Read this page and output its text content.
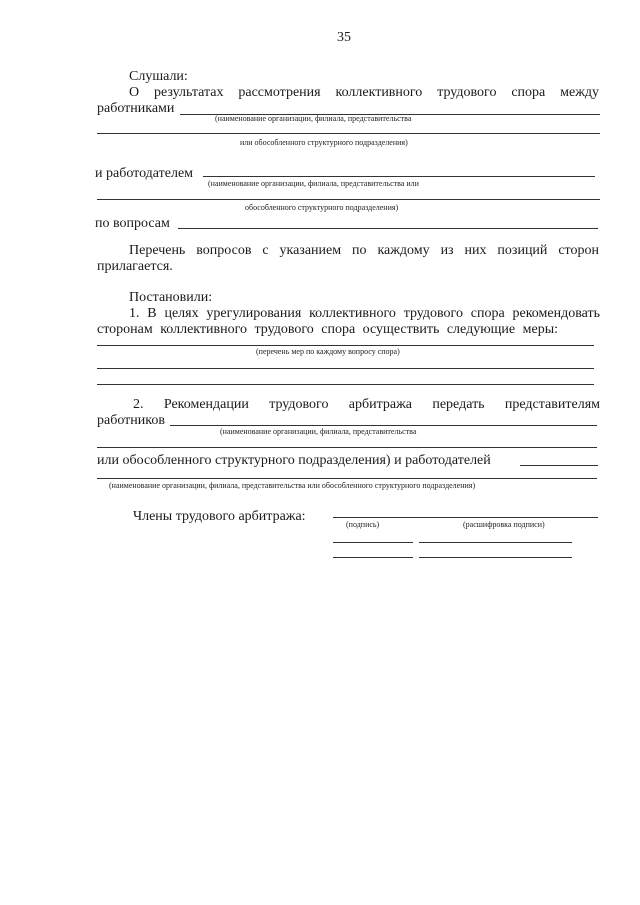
35
Слушали:
О результатах рассмотрения коллективного трудового спора между
работниками
(наименование организации, филиала, представительства
или обособленного структурного подразделения)
и работодателем
(наименование организации, филиала, представительства или
обособленного структурного подразделения)
по вопросам
Перечень вопросов с указанием по каждому из них позиций сторон
прилагается.
Постановили:
1. В целях урегулирования коллективного трудового спора рекомендовать
сторонам коллективного трудового спора осуществить следующие меры:
(перечень мер по каждому вопросу спора)
2. Рекомендации трудового арбитража передать представителям
работников
(наименование организации, филиала, представительства
или обособленного структурного подразделения) и работодателей
(наименование организации, филиала, представительства или обособленного структурного подразделения)
Члены трудового арбитража:
(подпись)	(расшифровка подписи)
